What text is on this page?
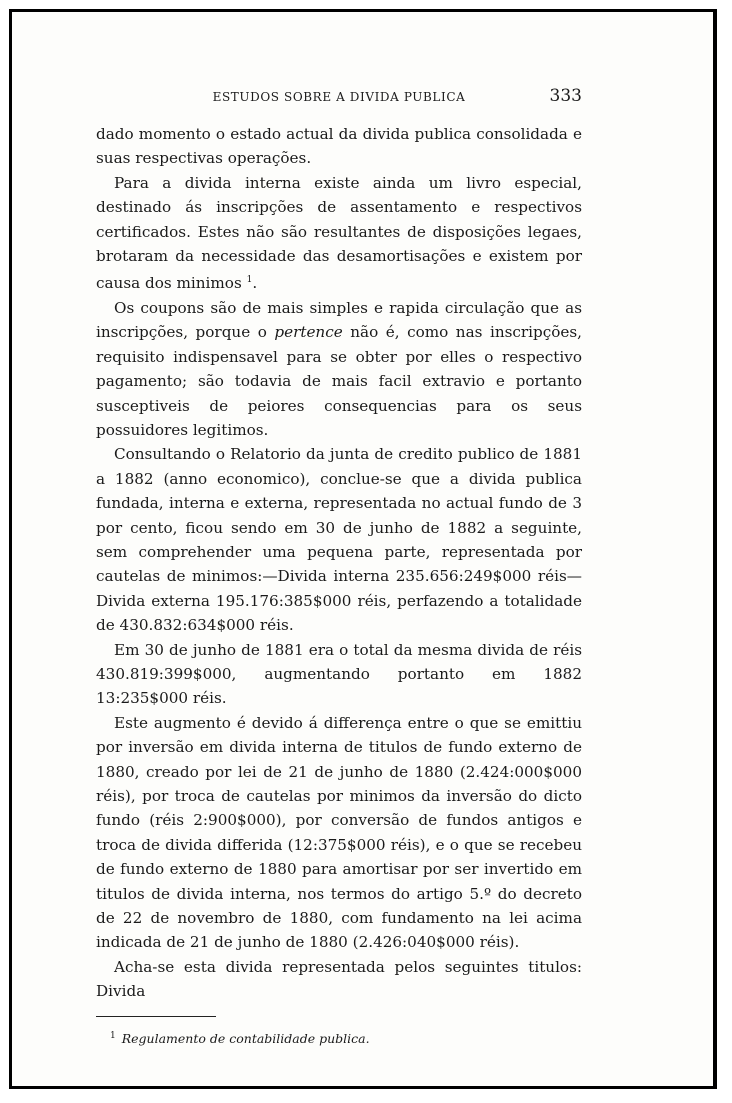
ESTUDOS SOBRE A DIVIDA PUBLICA	333

dado momento o estado actual da divida publica consolidada e suas respectivas operações.

Para a divida interna existe ainda um livro especial, destinado ás inscripções de assentamento e respectivos certificados. Estes não são resultantes de disposições legaes, brotaram da necessidade das desamortisações e existem por causa dos minimos $^1$.

Os coupons são de mais simples e rapida circulação que as inscripções, porque o pertence não é, como nas inscripções, requisito indispensavel para se obter por elles o respectivo pagamento; são todavia de mais facil extravio e portanto susceptiveis de peiores consequencias para os seus possuidores legitimos.

Consultando o Relatorio da junta de credito publico de 1881 a 1882 (anno economico), conclue-se que a divida publica fundada, interna e externa, representada no actual fundo de 3 por cento, ficou sendo em 30 de junho de 1882 a seguinte, sem comprehender uma pequena parte, representada por cautelas de minimos:—Divida interna 235.656:249$000 réis—Divida externa 195.176:385$000 réis, perfazendo a totalidade de 430.832:634$000 réis.

Em 30 de junho de 1881 era o total da mesma divida de réis 430.819:399$000, augmentando portanto em 1882 13:235$000 réis.

Este augmento é devido á differença entre o que se emittiu por inversão em divida interna de titulos de fundo externo de 1880, creado por lei de 21 de junho de 1880 (2.424:000$000 réis), por troca de cautelas por minimos da inversão do dicto fundo (réis 2:900$000), por conversão de fundos antigos e troca de divida differida (12:375$000 réis), e o que se recebeu de fundo externo de 1880 para amortisar por ser invertido em titulos de divida interna, nos termos do artigo 5.º do decreto de 22 de novembro de 1880, com fundamento na lei acima indicada de 21 de junho de 1880 (2.426:040$000 réis).

Acha-se esta divida representada pelos seguintes titulos: Divida

$^1$ Regulamento de contabilidade publica.
